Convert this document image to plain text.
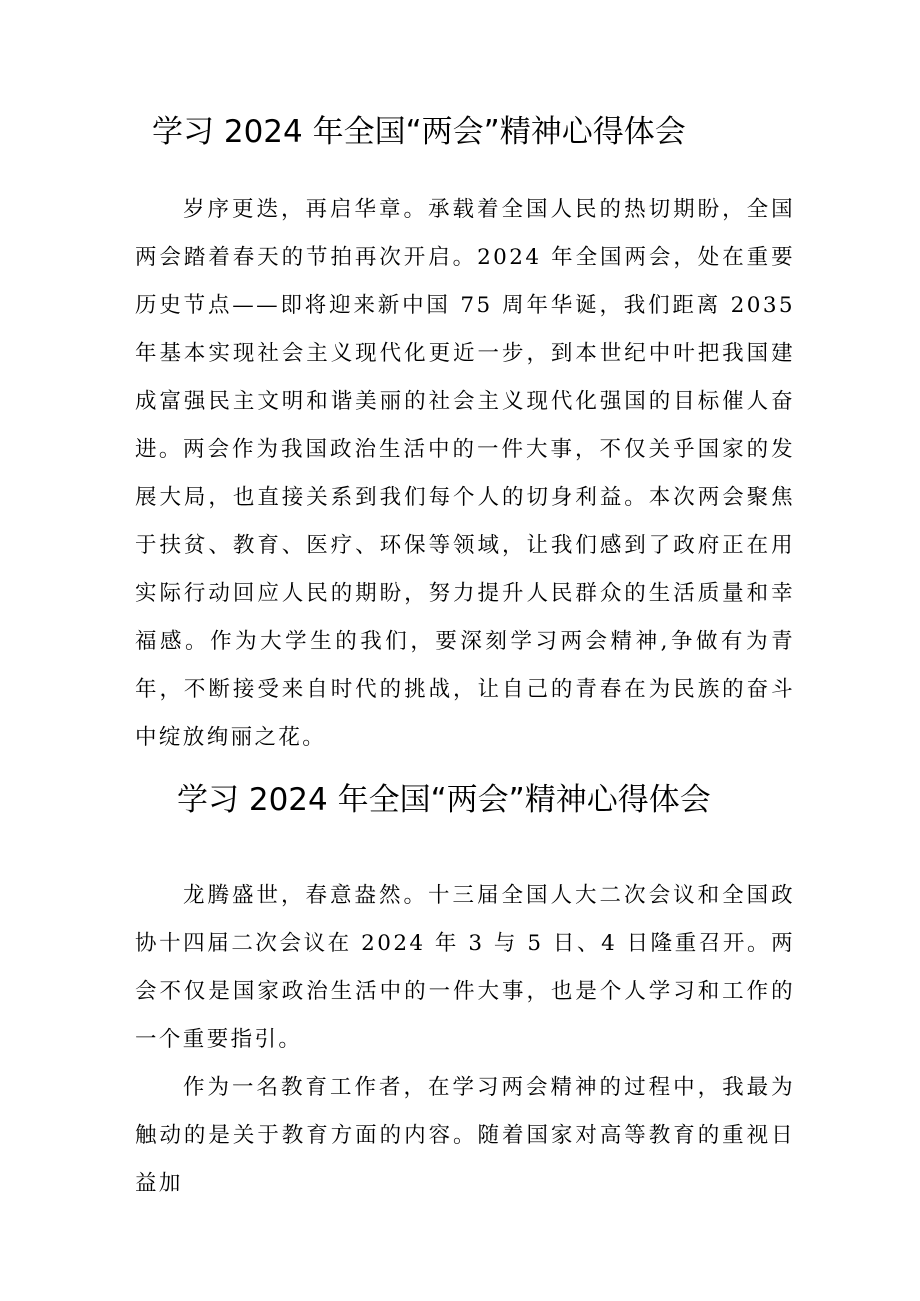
学习 2024 年全国“两会”精神心得体会

岁序更迭，再启华章。承载着全国人民的热切期盼，全国两会踏着春天的节拍再次开启。2024 年全国两会，处在重要历史节点——即将迎来新中国 75 周年华诞，我们距离 2035 年基本实现社会主义现代化更近一步，到本世纪中叶把我国建成富强民主文明和谐美丽的社会主义现代化强国的目标催人奋进。 两会作为我国政治生活中的一件大事，不仅关乎国家的发展大局，也直接关系到我们每个人的切身利益。本次两会聚焦于扶贫、教育、医疗、环保等领域，让我们感到了政府正在用实际行动回应人民的期盼，努力提升人民群众的生活质量和幸福感。作为大学生的我们，要深刻学习两会精神,争做有为青年，不断接受来自时代的挑战，让自己的青春在为民族的奋斗中绽放绚丽之花。

学习 2024 年全国“两会”精神心得体会

龙腾盛世，春意盎然。十三届全国人大二次会议和全国政协十四届二次会议在 2024 年 3 与 5 日、4 日隆重召开。两会不仅是国家政治生活中的一件大事，也是个人学习和工作的一个重要指引。

作为一名教育工作者，在学习两会精神的过程中，我最为触动的是关于教育方面的内容。随着国家对高等教育的重视日益加
